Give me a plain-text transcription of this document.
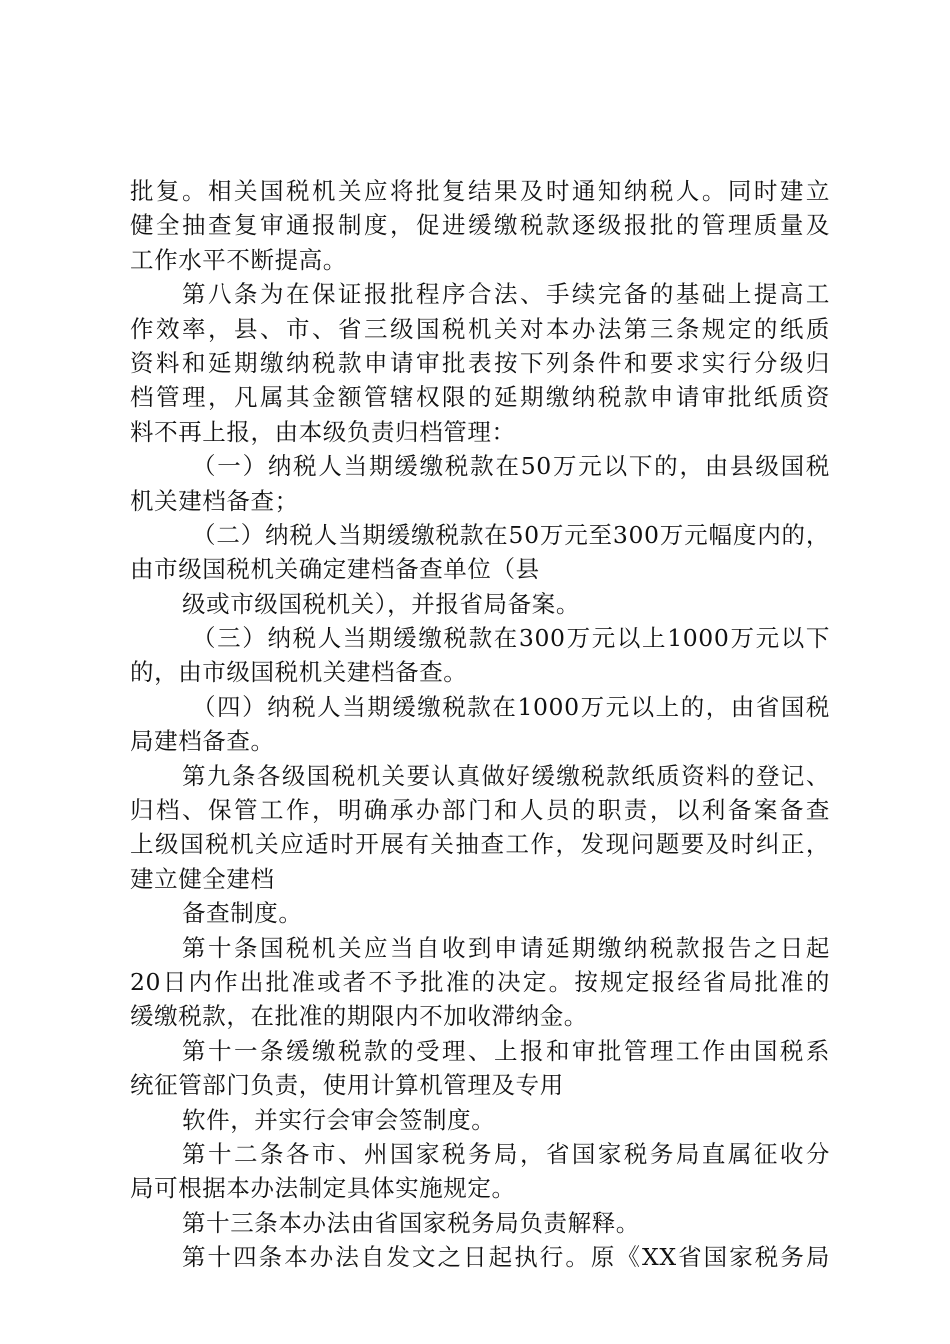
批复。相关国税机关应将批复结果及时通知纳税人。同时建立
健全抽查复审通报制度，促进缓缴税款逐级报批的管理质量及
工作水平不断提高。
第八条为在保证报批程序合法、手续完备的基础上提高工
作效率，县、市、省三级国税机关对本办法第三条规定的纸质
资料和延期缴纳税款申请审批表按下列条件和要求实行分级归
档管理，凡属其金额管辖权限的延期缴纳税款申请审批纸质资
料不再上报，由本级负责归档管理：
（一）纳税人当期缓缴税款在50万元以下的，由县级国税
机关建档备查；
（二）纳税人当期缓缴税款在50万元至300万元幅度内的，
由市级国税机关确定建档备查单位（县
级或市级国税机关），并报省局备案。
（三）纳税人当期缓缴税款在300万元以上1000万元以下
的，由市级国税机关建档备查。
（四）纳税人当期缓缴税款在1000万元以上的，由省国税
局建档备查。
第九条各级国税机关要认真做好缓缴税款纸质资料的登记、
归档、保管工作，明确承办部门和人员的职责，以利备案备查
上级国税机关应适时开展有关抽查工作，发现问题要及时纠正，
建立健全建档
备查制度。
第十条国税机关应当自收到申请延期缴纳税款报告之日起
20日内作出批准或者不予批准的决定。按规定报经省局批准的
缓缴税款，在批准的期限内不加收滞纳金。
第十一条缓缴税款的受理、上报和审批管理工作由国税系
统征管部门负责，使用计算机管理及专用
软件，并实行会审会签制度。
第十二条各市、州国家税务局，省国家税务局直属征收分
局可根据本办法制定具体实施规定。
第十三条本办法由省国家税务局负责解释。
第十四条本办法自发文之日起执行。原《XX省国家税务局
